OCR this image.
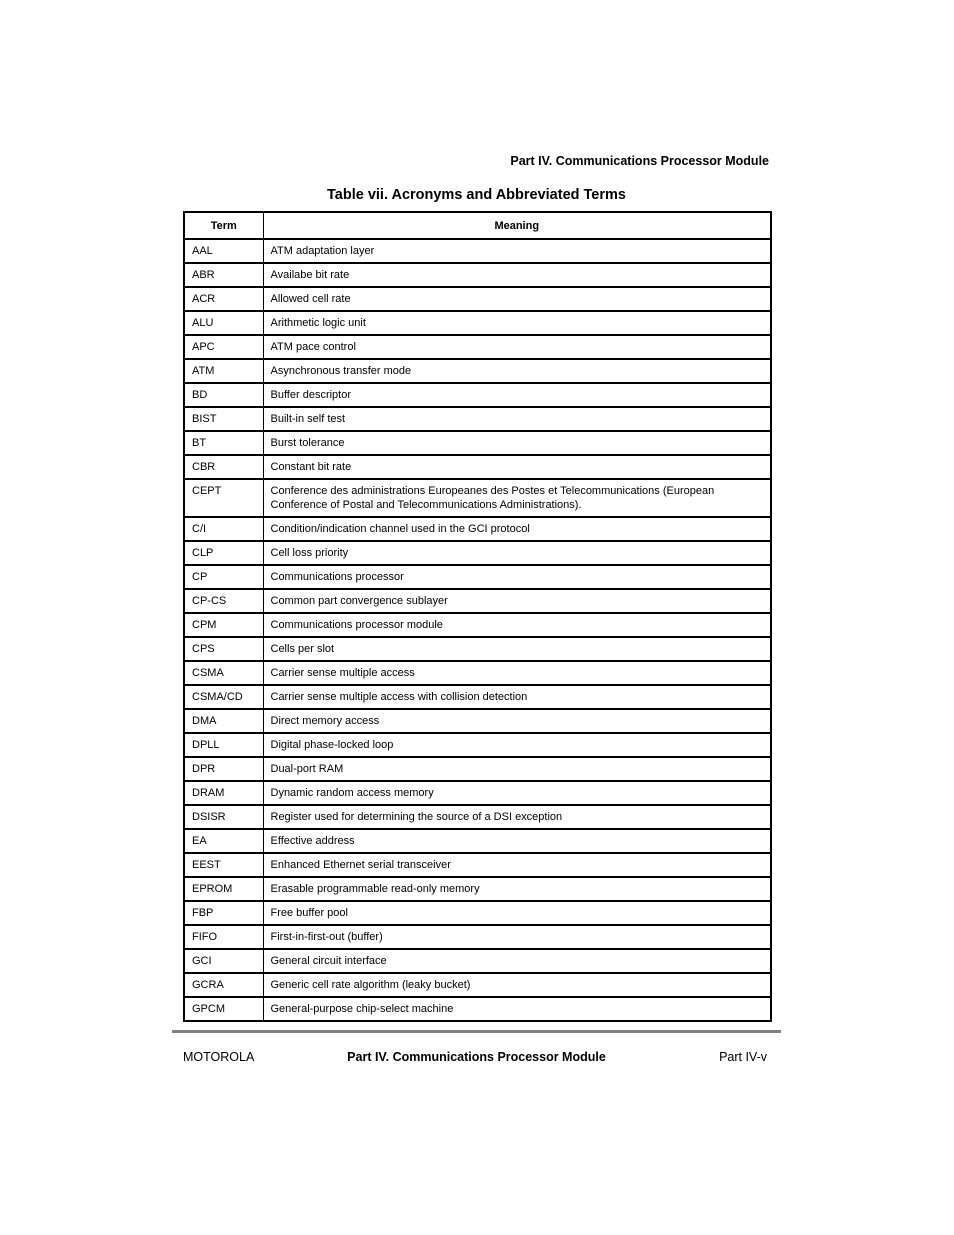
Part IV. Communications Processor Module
Table vii. Acronyms and Abbreviated Terms
Term	Meaning
AAL	ATM adaptation layer
ABR	Availabe bit rate
ACR	Allowed cell rate
ALU	Arithmetic logic unit
APC	ATM pace control
ATM	Asynchronous transfer mode
BD	Buffer descriptor
BIST	Built-in self test
BT	Burst tolerance
CBR	Constant bit rate
CEPT	Conference des administrations Europeanes des Postes et Telecommunications (European Conference of Postal and Telecommunications Administrations).
C/I	Condition/indication channel used in the GCI protocol
CLP	Cell loss priority
CP	Communications processor
CP-CS	Common part convergence sublayer
CPM	Communications processor module
CPS	Cells per slot
CSMA	Carrier sense multiple access
CSMA/CD	Carrier sense multiple access with collision detection
DMA	Direct memory access
DPLL	Digital phase-locked loop
DPR	Dual-port RAM
DRAM	Dynamic random access memory
DSISR	Register used for determining the source of a DSI exception
EA	Effective address
EEST	Enhanced Ethernet serial transceiver
EPROM	Erasable programmable read-only memory
FBP	Free buffer pool
FIFO	First-in-first-out (buffer)
GCI	General circuit interface
GCRA	Generic cell rate algorithm (leaky bucket)
GPCM	General-purpose chip-select machine
MOTOROLA	Part IV. Communications Processor Module	Part IV-v
